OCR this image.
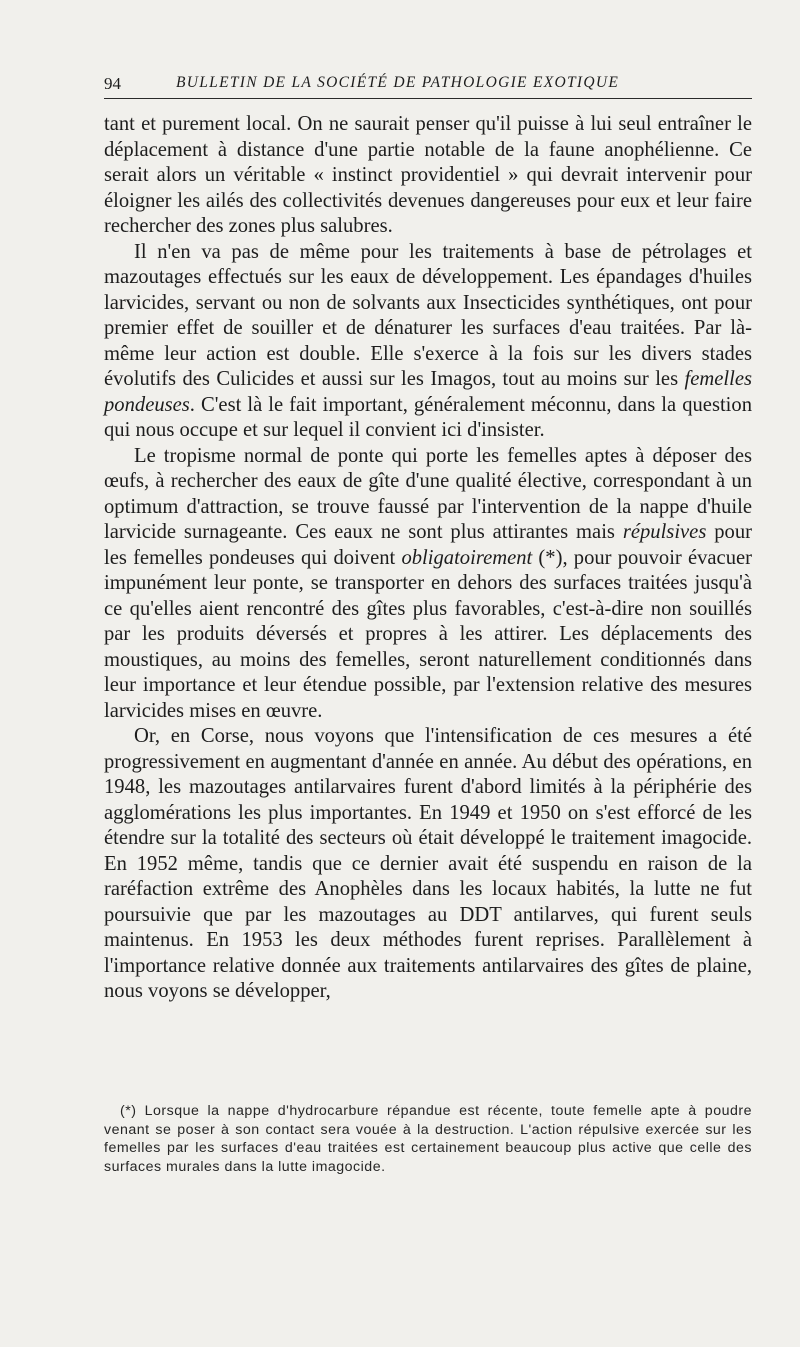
94	BULLETIN DE LA SOCIÉTÉ DE PATHOLOGIE EXOTIQUE

tant et purement local. On ne saurait penser qu'il puisse à lui seul entraîner le déplacement à distance d'une partie notable de la faune anophélienne. Ce serait alors un véritable « instinct providentiel » qui devrait intervenir pour éloigner les ailés des collectivités devenues dangereuses pour eux et leur faire rechercher des zones plus salubres.

Il n'en va pas de même pour les traitements à base de pétrolages et mazoutages effectués sur les eaux de développement. Les épandages d'huiles larvicides, servant ou non de solvants aux Insecticides synthétiques, ont pour premier effet de souiller et de dénaturer les surfaces d'eau traitées. Par là-même leur action est double. Elle s'exerce à la fois sur les divers stades évolutifs des Culicides et aussi sur les Imagos, tout au moins sur les femelles pondeuses. C'est là le fait important, généralement méconnu, dans la question qui nous occupe et sur lequel il convient ici d'insister.

Le tropisme normal de ponte qui porte les femelles aptes à déposer des œufs, à rechercher des eaux de gîte d'une qualité élective, correspondant à un optimum d'attraction, se trouve faussé par l'intervention de la nappe d'huile larvicide surnageante. Ces eaux ne sont plus attirantes mais répulsives pour les femelles pondeuses qui doivent obligatoirement (*), pour pouvoir évacuer impunément leur ponte, se transporter en dehors des surfaces traitées jusqu'à ce qu'elles aient rencontré des gîtes plus favorables, c'est-à-dire non souillés par les produits déversés et propres à les attirer. Les déplacements des moustiques, au moins des femelles, seront naturellement conditionnés dans leur importance et leur étendue possible, par l'extension relative des mesures larvicides mises en œuvre.

Or, en Corse, nous voyons que l'intensification de ces mesures a été progressivement en augmentant d'année en année. Au début des opérations, en 1948, les mazoutages antilarvaires furent d'abord limités à la périphérie des agglomérations les plus importantes. En 1949 et 1950 on s'est efforcé de les étendre sur la totalité des secteurs où était développé le traitement imagocide. En 1952 même, tandis que ce dernier avait été suspendu en raison de la raréfaction extrême des Anophèles dans les locaux habités, la lutte ne fut poursuivie que par les mazoutages au DDT antilarves, qui furent seuls maintenus. En 1953 les deux méthodes furent reprises. Parallèlement à l'importance relative donnée aux traitements antilarvaires des gîtes de plaine, nous voyons se développer,

(*) Lorsque la nappe d'hydrocarbure répandue est récente, toute femelle apte à poudre venant se poser à son contact sera vouée à la destruction. L'action répulsive exercée sur les femelles par les surfaces d'eau traitées est certainement beaucoup plus active que celle des surfaces murales dans la lutte imagocide.
